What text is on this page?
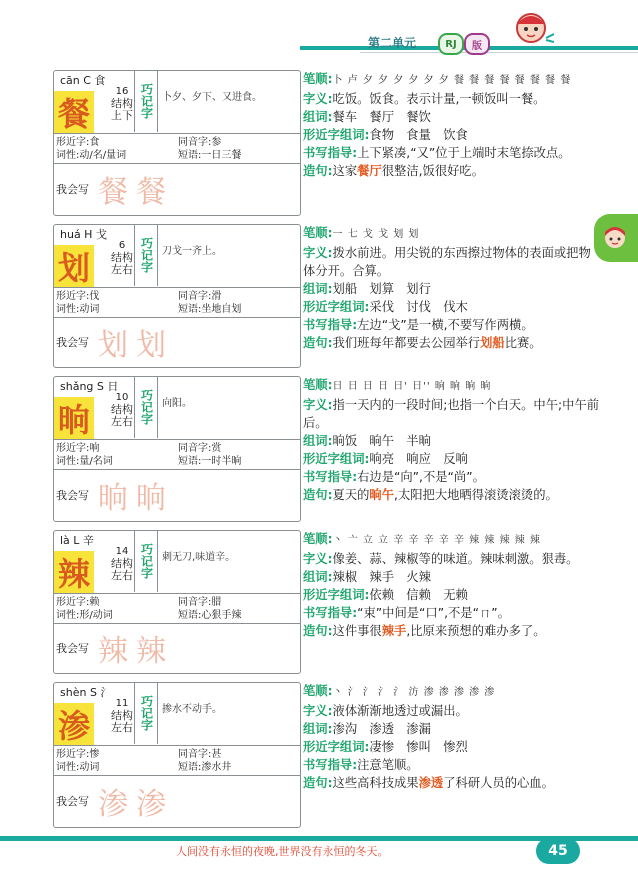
第二单元	RJ	版
cān C 食
餐
16
结构
上下 巧记字 卜夕、夕下、又进食。
形近字:食	同音字:参
词性:动/名/量词	短语:一日三餐
我会写 餐餐

笔顺:卜 卢 夕 夕 夕 夕 夕 夕 餐 餐 餐 餐 餐 餐 餐 餐

字义:吃饭。饭食。表示计量,一顿饭叫一餐。

组词:餐车　餐厅　餐饮

形近字组词:食物　食量　饮食

书写指导:上下紧凑,“又”位于上端时末笔捺改点。

造句:这家餐厅很整洁,饭很好吃。

huá H 戈
划
6
结构
左右 巧记字 刀戈一齐上。
形近字:伐	同音字:滑
词性:动词	短语:坐地自划
我会写 划划

笔顺:一 七 戈 戈 划 划

字义:拨水前进。用尖锐的东西擦过物体的表面或把物体分开。合算。

组词:划船　划算　划行

形近字组词:采伐　讨伐　伐木

书写指导:左边“戈”是一横,不要写作两横。

造句:我们班每年都要去公园举行划船比赛。

shǎng S 日
晌
10
结构
左右 巧记字 向阳。
形近字:响	同音字:赏
词性:量/名词	短语:一时半晌
我会写 晌晌

笔顺:日 日 日 日 日' 日'' 晌 晌 晌 晌

字义:指一天内的一段时间;也指一个白天。中午;中午前后。

组词:晌饭　晌午　半晌

形近字组词:响亮　响应　反响

书写指导:右边是“向”,不是“尚”。

造句:夏天的晌午,太阳把大地晒得滚烫滚烫的。

là L 辛
辣
14
结构
左右 巧记字 刺无刀,味道辛。
形近字:赖	同音字:腊
词性:形/动词	短语:心狠手辣
我会写 辣辣

笔顺:丶 亠 立 立 辛 辛 辛 辛 辛 辣 辣 辣 辣 辣

字义:像姜、蒜、辣椒等的味道。辣味刺激。狠毒。

组词:辣椒　辣手　火辣

形近字组词:依赖　信赖　无赖

书写指导:“束”中间是“口”,不是“ㄇ”。

造句:这件事很辣手,比原来预想的难办多了。

shèn S 氵
渗
11
结构
左右 巧记字 掺水不动手。
形近字:惨	同音字:甚
词性:动词	短语:渗水井
我会写 渗渗

笔顺:丶 氵 氵 氵 氵 汸 渗 渗 渗 渗 渗

字义:液体渐渐地透过或漏出。

组词:渗沟　渗透　渗漏

形近字组词:凄惨　惨叫　惨烈

书写指导:注意笔顺。

造句:这些高科技成果渗透了科研人员的心血。

人间没有永恒的夜晚,世界没有永恒的冬天。	45
